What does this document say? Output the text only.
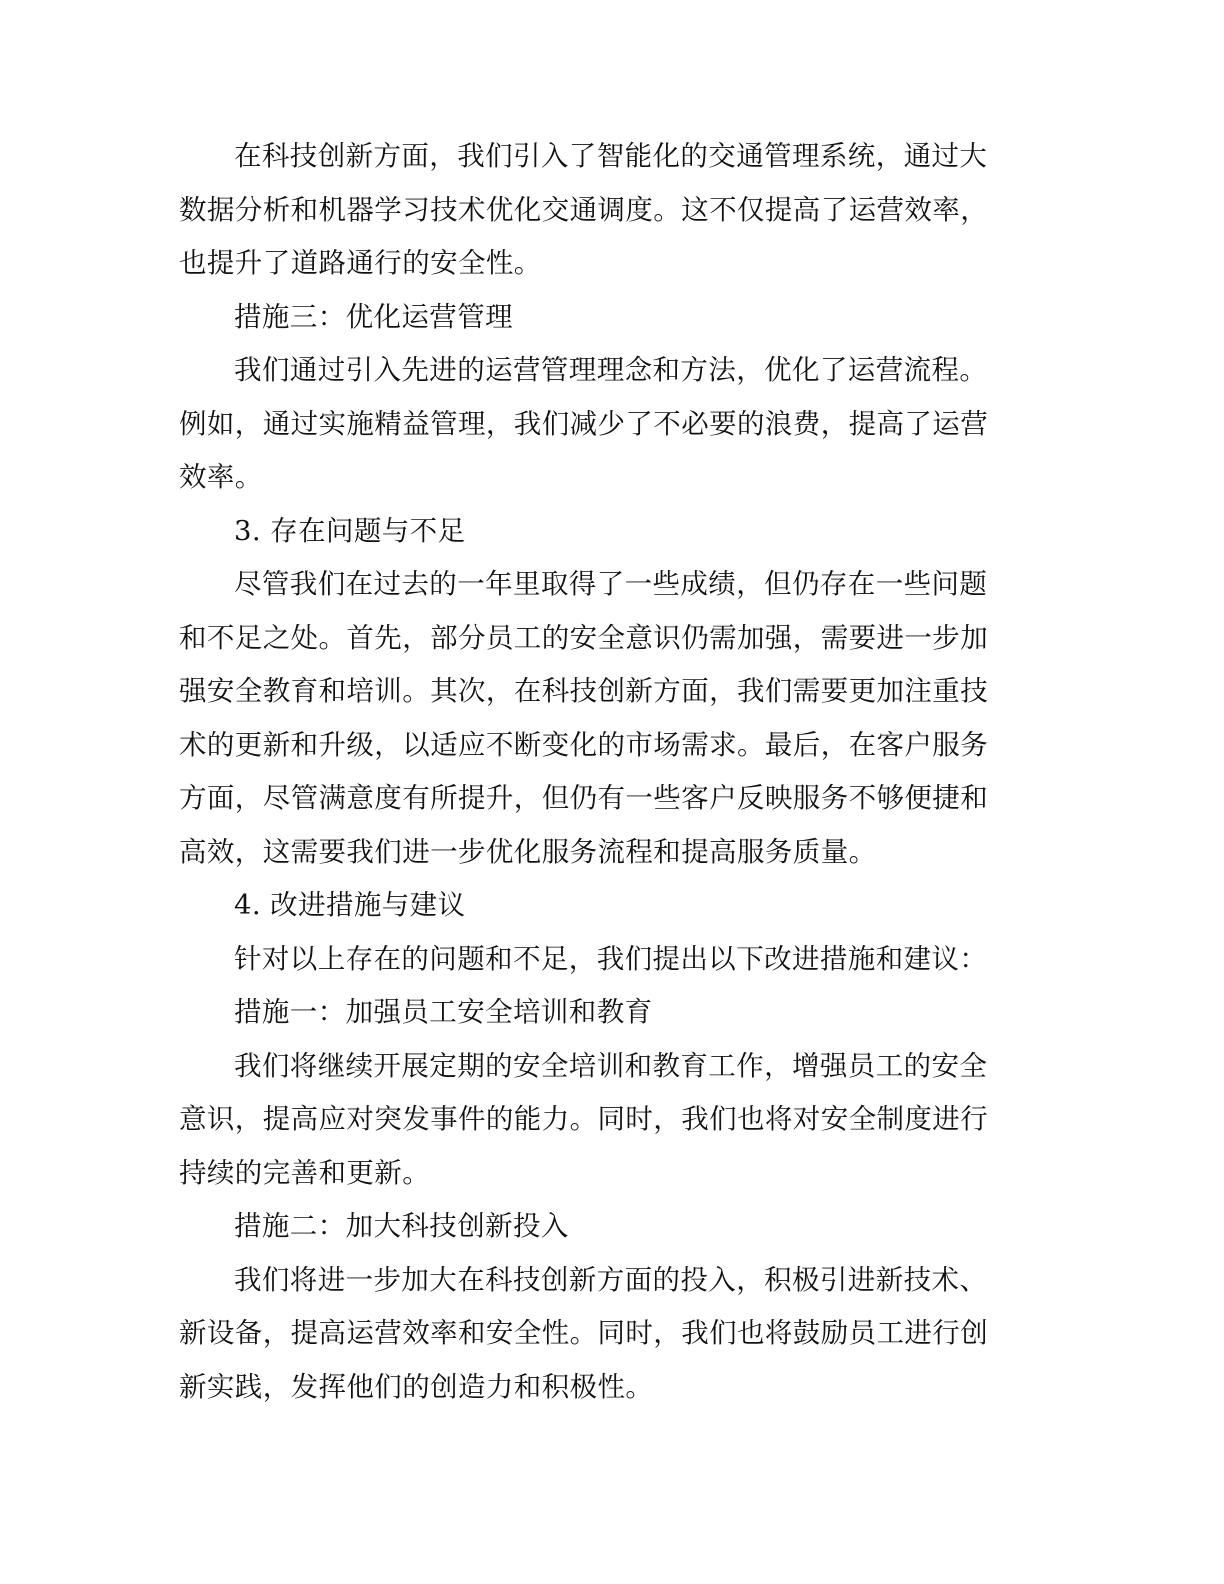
在科技创新方面，我们引入了智能化的交通管理系统，通过大数据分析和机器学习技术优化交通调度。这不仅提高了运营效率，也提升了道路通行的安全性。

措施三：优化运营管理

我们通过引入先进的运营管理理念和方法，优化了运营流程。例如，通过实施精益管理，我们减少了不必要的浪费，提高了运营效率。

3. 存在问题与不足

尽管我们在过去的一年里取得了一些成绩，但仍存在一些问题和不足之处。首先，部分员工的安全意识仍需加强，需要进一步加强安全教育和培训。其次，在科技创新方面，我们需要更加注重技术的更新和升级，以适应不断变化的市场需求。最后，在客户服务方面，尽管满意度有所提升，但仍有一些客户反映服务不够便捷和高效，这需要我们进一步优化服务流程和提高服务质量。

4. 改进措施与建议

针对以上存在的问题和不足，我们提出以下改进措施和建议：

措施一：加强员工安全培训和教育

我们将继续开展定期的安全培训和教育工作，增强员工的安全意识，提高应对突发事件的能力。同时，我们也将对安全制度进行持续的完善和更新。

措施二：加大科技创新投入

我们将进一步加大在科技创新方面的投入，积极引进新技术、新设备，提高运营效率和安全性。同时，我们也将鼓励员工进行创新实践，发挥他们的创造力和积极性。
